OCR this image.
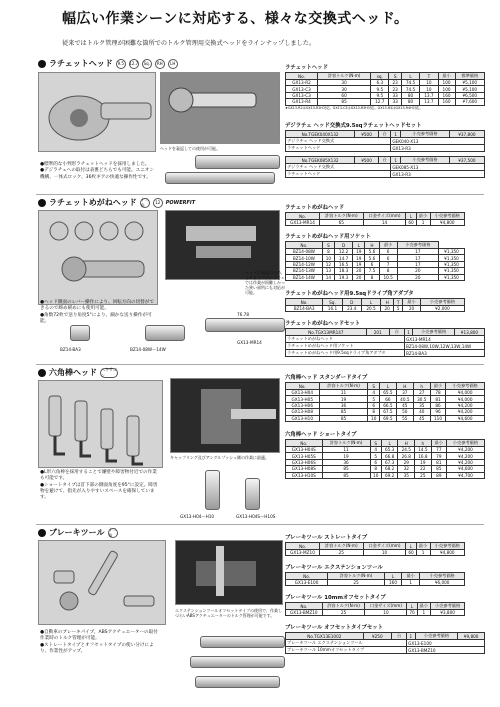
幅広い作業シーンに対応する、様々な交換式ヘッド。
従来ではトルク管理が困難な箇所でのトルク管理用交換式ヘッドをラインナップしました。
ラチェットヘッド	9.5	12.7	Sq.	RH	LH
ヘッドを裏返しての使用が可能。
●標準的な小判形ラチェットヘッドを採用しました。
●デジラチェへの取付は表裏どちらでも可能。ユニオン機構、一体式ロック、36枚ギアの快適な操作性です。
ラチェットヘッド
No.	許容トルク(N·m)	sq.	S	L	T	最小	標準価格
GX13-R2	30	6.3	23	74.5	10	100	¥5,100
GX13-C3	30	9.5	23	74.5	10	100	¥5,100
GX13-C3	60	9.5	33	80	13.7	160	¥6,500
GX13-R4	85	12.7	33	80	13.7	160	¥7,600
★GX13-R2はGX13-R2H対応。GX13-C3はGX13-R3H対応。GX13-R4はGX13-R4H対応。
デジラチェ ヘッド交換式9.5sqラチェットヘッドセット
No.TGEK040X132	¥500	台	1	小売参考価格	¥37,800
デジラチェ ヘッド交換式			GEK040-X13		
ラチェットヘッド			GX13-R3		
No.TGEK085X132	¥500	台	1	小売参考価格	¥37,500
デジラチェ ヘッド交換式			GEK085-X13		
ラチェットヘッド			GX13-R3		
ラチェットめがねヘッド 十二角	12	POWERFIT
ヘッドは裏返のため、これまでのデジラチェでは作業が困難しかった狭い部所にも対応が可能。
●ヘッド側面のレバー操作により、回転方向の切替ができるので締め緩めにも使用可能。
●角数72枚で送り角度5°により、細かな送り操作が可能。
76.78
BZ14-BA3	BZ14-08W〜14W
GX13-MR14
ラチェットめがねヘッド
No.	許容トルク(N·m)	口金サイズ(mm)	L	最小	小売参考価格
GX13-MR14	65	14	60	1	¥4,800
ラチェットめがねヘッド用ソケット
No.	S	D	L	H	最小	小売参考価格	
BZ14-08W	8	12.2	19	5.6	6	17	¥1,350
BZ14-10W	10	14.7	19	5.6	6	17	¥1,350
BZ14-12W	12	16.5	19	6	7	17	¥1,350
BZ14-13W	13	18.3	20	7.5	8	20	¥1,350
BZ14-14W	14	19.3	20	8	10.5	20	¥1,350
ラチェットめがねヘッド用9.5sqドライブ角アダプタ
No.	Sq.	D	L	H	T	最小	小売参考価格
BZ14-BA3	16.1	23.4	20.5	20	5	20	¥2,000
ラチェットめがねヘッドセット
No.TGX13MR147	201	台	1	小売参考価格	¥13,800
ラチェットめがねヘッド			GX13-MR14		
ラチェットめがねヘッド用ソケット			BZ14-08W,10W,12W,13W,14W		
ラチェットめがねヘッド用9.5sqドライブ角アダプタ			BZ14-BA3		
六角棒ヘッド ヘキサゴン
キャップリング及びアングルプッシュ側の作業に最適。
●L形六角棒を採用することで嫌壁や障害物付近での作業も可能です。
●ショートタイプは首下部の側面角度を95°に設定。障害物を避けて、指先が入りやすいスペースを確保しています。
GX13-H04〜H10	GX13-H04S〜H10S
六角棒ヘッド スタンダードタイプ
No.	許容トルク(N·m)	S	L	H	h	最小	小売参考価格
GX13-H04	11	4	65.5	37	27	78	¥4,000
GX13-H05	19	5	66	40.5	30.5	81	¥4,000
GX13-H06	36	6	66.5	45	35	86	¥4,200
GX13-H08	85	8	67.5	50	40	96	¥4,200
GX13-H10	85	10	69.5	55	45	110	¥4,600
六角棒ヘッド ショートタイプ
No.	許容トルク(N·m)	S	L	H	h	最小	小売参考価格
GX13-H04S	11	4	65.3	24.5	14.5	77	¥4,200
GX13-H05S	19	5	66.8	26.8	16.8	79	¥4,200
GX13-H06S	36	6	67.3	29	19	81	¥4,200
GX13-H08S	85	8	68.2	32	22	85	¥4,600
GX13-H10S	85	10	69.2	35	25	89	¥4,700
ブレーキツール 十二角
エクステンションツールオフセットタイプの使用で、作業しづらいABSアクチュエーターのトルク管理が可能です。
●自動車のブレーキパイプ、ABSアクチュエーターの取付作業時のトルク管理が可能。
●ストレートタイプとオフセットタイプの使い分けにより、作業性がアップ。
ブレーキツール ストレートタイプ
No.	許容トルク(N·m)	口金サイズ(mm)	L	最小	小売参考価格
GX13-MZ10	25	10	60	1	¥4,800
ブレーキツール エクステンションツール
No.	許容トルク(N·m)	L	最小	小売参考価格
GX13-E100	25	160	1	¥6,000
ブレーキツール 10mmオフセットタイプ
No.	許容トルク(N·m)	口金サイズ(mm)	L	最小	小売参考価格
GX13-BMZ10	25	10	70	1	¥3,800
ブレーキツール オフセットタイプセット
No.TGX13E1002	¥250	台	1	小売参考価格	¥9,800
ブレーキツール エクステンションツール			GX13-E100		
ブレーキツール 10mmオフセットタイプ			GX13-BMZ10		
